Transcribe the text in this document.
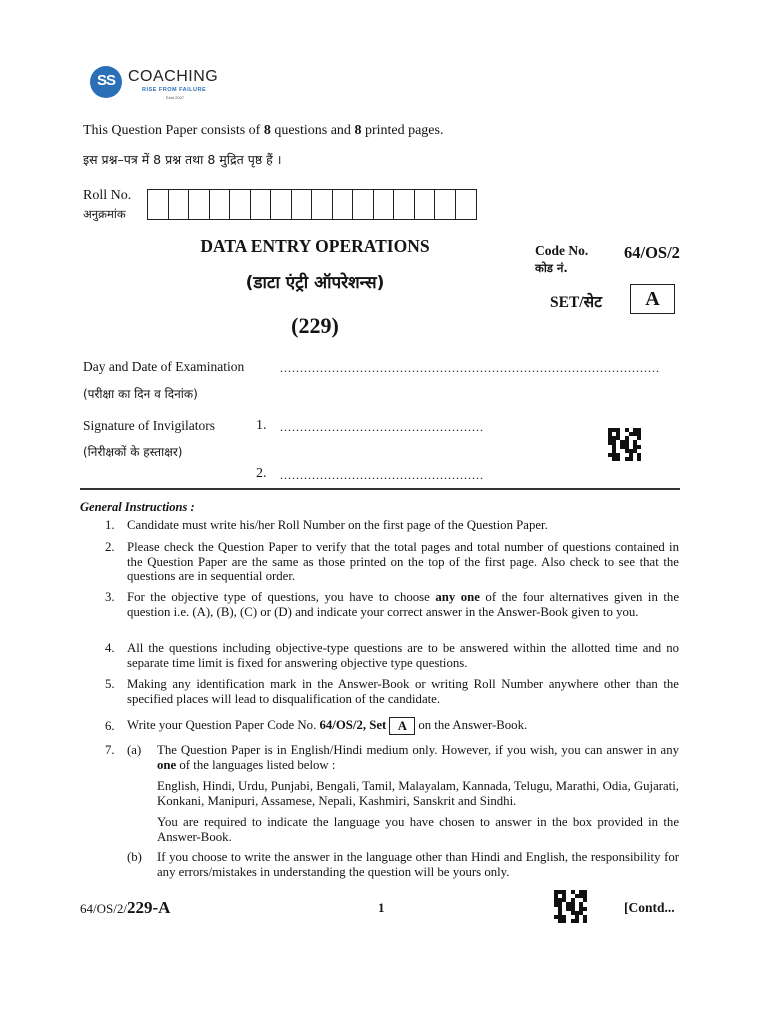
SS COACHING
RISE FROM FAILURE
Estd 2007
This Question Paper consists of 8 questions and 8 printed pages.
इस प्रश्न–पत्र में 8 प्रश्न तथा 8 मुद्रित पृष्ठ हैं ।
Roll No.
अनुक्रमांक
DATA ENTRY OPERATIONS
(डाटा एंट्री ऑपरेशन्स)
(229)
Code No.
कोड नं.
64/OS/2
SET/सेट	A
Day and Date of Examination
(परीक्षा का दिन व दिनांक)
...............................................................................................
Signature of Invigilators
(निरीक्षकों के हस्ताक्षर)
1. ...................................................
2. ...................................................
General Instructions :
1. Candidate must write his/her Roll Number on the first page of the Question Paper.
2. Please check the Question Paper to verify that the total pages and total number of questions contained in the Question Paper are the same as those printed on the top of the first page. Also check to see that the questions are in sequential order.
3. For the objective type of questions, you have to choose any one of the four alternatives given in the question i.e. (A), (B), (C) or (D) and indicate your correct answer in the Answer-Book given to you.
4. All the questions including objective-type questions are to be answered within the allotted time and no separate time limit is fixed for answering objective type questions.
5. Making any identification mark in the Answer-Book or writing Roll Number anywhere other than the specified places will lead to disqualification of the candidate.
6. Write your Question Paper Code No. 64/OS/2, Set A on the Answer-Book.
7. (a) The Question Paper is in English/Hindi medium only. However, if you wish, you can answer in any one of the languages listed below :
English, Hindi, Urdu, Punjabi, Bengali, Tamil, Malayalam, Kannada, Telugu, Marathi, Odia, Gujarati, Konkani, Manipuri, Assamese, Nepali, Kashmiri, Sanskrit and Sindhi.
You are required to indicate the language you have chosen to answer in the box provided in the Answer-Book.
(b) If you choose to write the answer in the language other than Hindi and English, the responsibility for any errors/mistakes in understanding the question will be yours only.
64/OS/2/229-A	1	[Contd...
